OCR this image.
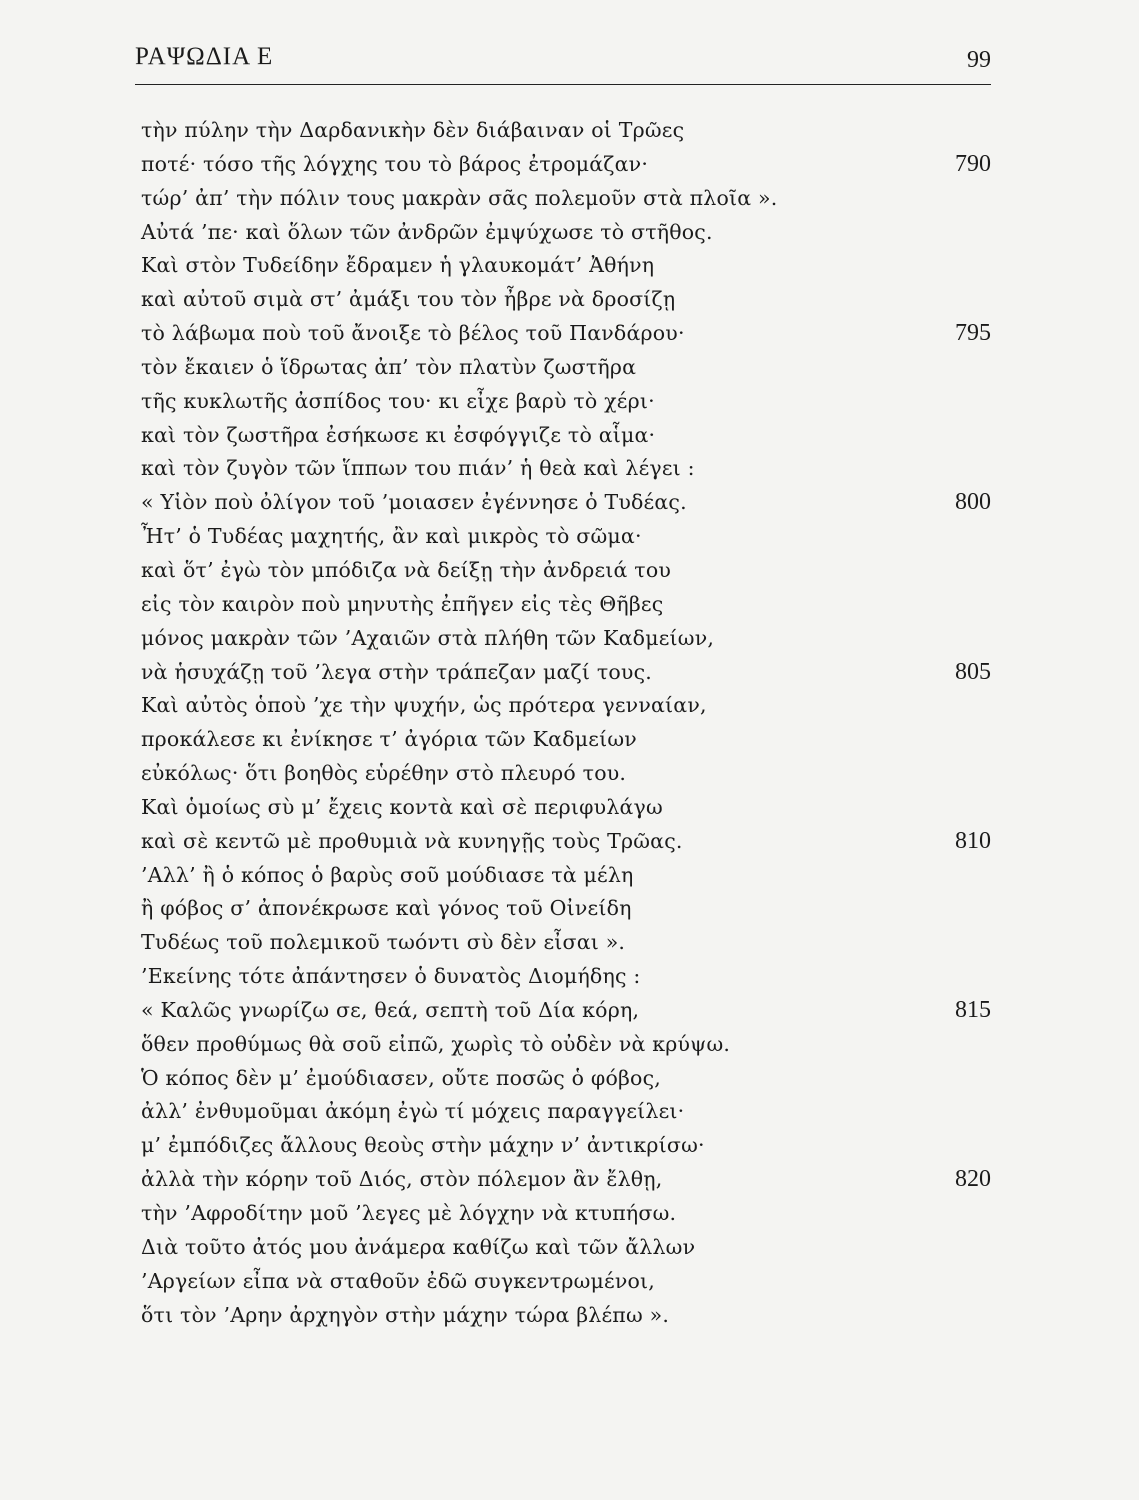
ΡΑΨΩΔΙΑ Ε	99
τὴν πύλην τὴν Δαρδανικὴν δὲν διάβαιναν οἱ Τρῶες
ποτέ· τόσο τῆς λόγχης του τὸ βάρος ἐτρομάζαν·	790
τώρ’ ἀπ’ τὴν πόλιν τους μακρὰν σᾶς πολεμοῦν στὰ πλοῖα ».
Αὐτά ’πε· καὶ ὅλων τῶν ἀνδρῶν ἐμψύχωσε τὸ στῆθος.
Καὶ στὸν Τυδείδην ἔδραμεν ἡ γλαυκομάτ’ Ἀθήνη
καὶ αὐτοῦ σιμὰ στ’ ἀμάξι του τὸν ἦβρε νὰ δροσίζῃ
τὸ λάβωμα ποὺ τοῦ ἄνοιξε τὸ βέλος τοῦ Πανδάρου·	795
τὸν ἔκαιεν ὁ ἵδρωτας ἀπ’ τὸν πλατὺν ζωστῆρα
τῆς κυκλωτῆς ἀσπίδος του· κι εἶχε βαρὺ τὸ χέρι·
καὶ τὸν ζωστῆρα ἐσήκωσε κι ἐσφόγγιζε τὸ αἷμα·
καὶ τὸν ζυγὸν τῶν ἵππων του πιάν’ ἡ θεὰ καὶ λέγει :
« Υἱὸν ποὺ ὀλίγον τοῦ ’μοιασεν ἐγέννησε ὁ Τυδέας.	800
Ἦτ’ ὁ Τυδέας μαχητής, ἂν καὶ μικρὸς τὸ σῶμα·
καὶ ὅτ’ ἐγὼ τὸν μπόδιζα νὰ δείξῃ τὴν ἀνδρειά του
εἰς τὸν καιρὸν ποὺ μηνυτὴς ἐπῆγεν εἰς τὲς Θῆβες
μόνος μακρὰν τῶν ’Αχαιῶν στὰ πλήθη τῶν Καδμείων,
νὰ ἡσυχάζῃ τοῦ ’λεγα στὴν τράπεζαν μαζί τους.	805
Καὶ αὐτὸς ὁποὺ ’χε τὴν ψυχήν, ὡς πρότερα γενναίαν,
προκάλεσε κι ἐνίκησε τ’ ἀγόρια τῶν Καδμείων
εὐκόλως· ὅτι βοηθὸς εὑρέθην στὸ πλευρό του.
Καὶ ὁμοίως σὺ μ’ ἔχεις κοντὰ καὶ σὲ περιφυλάγω
καὶ σὲ κεντῶ μὲ προθυμιὰ νὰ κυνηγῇς τοὺς Τρῶας.	810
’Αλλ’ ἢ ὁ κόπος ὁ βαρὺς σοῦ μούδιασε τὰ μέλη
ἢ φόβος σ’ ἀπονέκρωσε καὶ γόνος τοῦ Οἰνείδη
Τυδέως τοῦ πολεμικοῦ τωόντι σὺ δὲν εἶσαι ».
’Εκείνης τότε ἀπάντησεν ὁ δυνατὸς Διομήδης :
« Καλῶς γνωρίζω σε, θεά, σεπτὴ τοῦ Δία κόρη,	815
ὅθεν προθύμως θὰ σοῦ εἰπῶ, χωρὶς τὸ οὐδὲν νὰ κρύψω.
Ὁ κόπος δὲν μ’ ἐμούδιασεν, οὔτε ποσῶς ὁ φόβος,
ἀλλ’ ἐνθυμοῦμαι ἀκόμη ἐγὼ τί μόχεις παραγγείλει·
μ’ ἐμπόδιζες ἄλλους θεοὺς στὴν μάχην ν’ ἀντικρίσω·
ἀλλὰ τὴν κόρην τοῦ Διός, στὸν πόλεμον ἂν ἔλθῃ,	820
τὴν ’Αφροδίτην μοῦ ’λεγες μὲ λόγχην νὰ κτυπήσω.
Διὰ τοῦτο ἀτός μου ἀνάμερα καθίζω καὶ τῶν ἄλλων
’Αργείων εἶπα νὰ σταθοῦν ἐδῶ συγκεντρωμένοι,
ὅτι τὸν ’Αρην ἀρχηγὸν στὴν μάχην τώρα βλέπω ».
